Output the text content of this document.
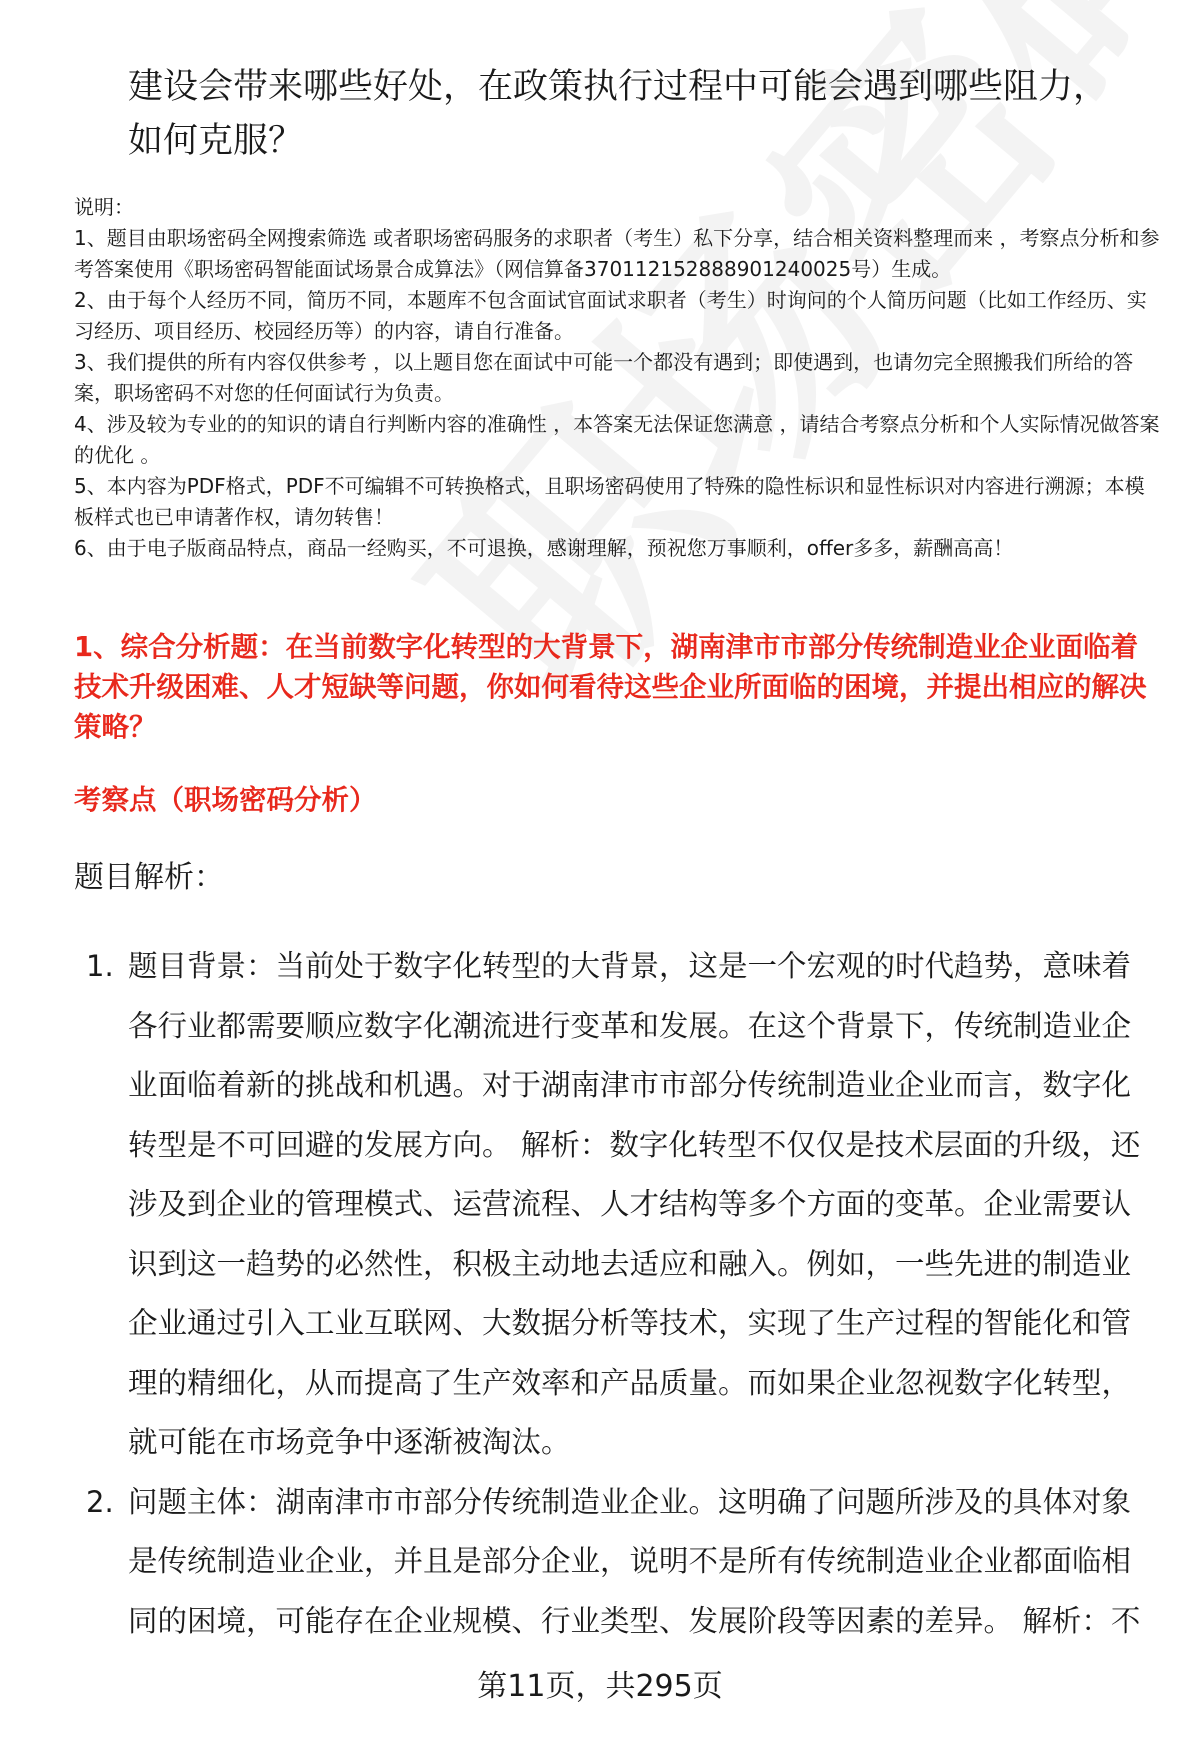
建设会带来哪些好处，在政策执行过程中可能会遇到哪些阻力，如何克服？

说明：

1、题目由职场密码全网搜索筛选 或者职场密码服务的求职者（考生）私下分享，结合相关资料整理而来 ，考察点分析和参考答案使用《职场密码智能面试场景合成算法》（网信算备370112152888901240025号）生成。

2、由于每个人经历不同，简历不同，本题库不包含面试官面试求职者（考生）时询问的个人简历问题（比如工作经历、实习经历、项目经历、校园经历等）的内容，请自行准备。

3、我们提供的所有内容仅供参考 ，以上题目您在面试中可能一个都没有遇到；即使遇到，也请勿完全照搬我们所给的答案，职场密码不对您的任何面试行为负责。

4、涉及较为专业的的知识的请自行判断内容的准确性 ，本答案无法保证您满意 ，请结合考察点分析和个人实际情况做答案的优化 。

5、本内容为PDF格式，PDF不可编辑不可转换格式，且职场密码使用了特殊的隐性标识和显性标识对内容进行溯源；本模板样式也已申请著作权，请勿转售！

6、由于电子版商品特点，商品一经购买，不可退换，感谢理解，预祝您万事顺利，offer多多，薪酬高高！

1、综合分析题：在当前数字化转型的大背景下，湖南津市市部分传统制造业企业面临着技术升级困难、人才短缺等问题，你如何看待这些企业所面临的困境，并提出相应的解决策略？
考察点（职场密码分析）
题目解析：
1. 题目背景：当前处于数字化转型的大背景，这是一个宏观的时代趋势，意味着各行业都需要顺应数字化潮流进行变革和发展。在这个背景下，传统制造业企业面临着新的挑战和机遇。对于湖南津市市部分传统制造业企业而言，数字化转型是不可回避的发展方向。 解析：数字化转型不仅仅是技术层面的升级，还涉及到企业的管理模式、运营流程、人才结构等多个方面的变革。企业需要认识到这一趋势的必然性，积极主动地去适应和融入。例如，一些先进的制造业企业通过引入工业互联网、大数据分析等技术，实现了生产过程的智能化和管理的精细化，从而提高了生产效率和产品质量。而如果企业忽视数字化转型，就可能在市场竞争中逐渐被淘汰。
2. 问题主体：湖南津市市部分传统制造业企业。这明确了问题所涉及的具体对象是传统制造业企业，并且是部分企业，说明不是所有传统制造业企业都面临相同的困境，可能存在企业规模、行业类型、发展阶段等因素的差异。 解析：不
第11页，共295页
